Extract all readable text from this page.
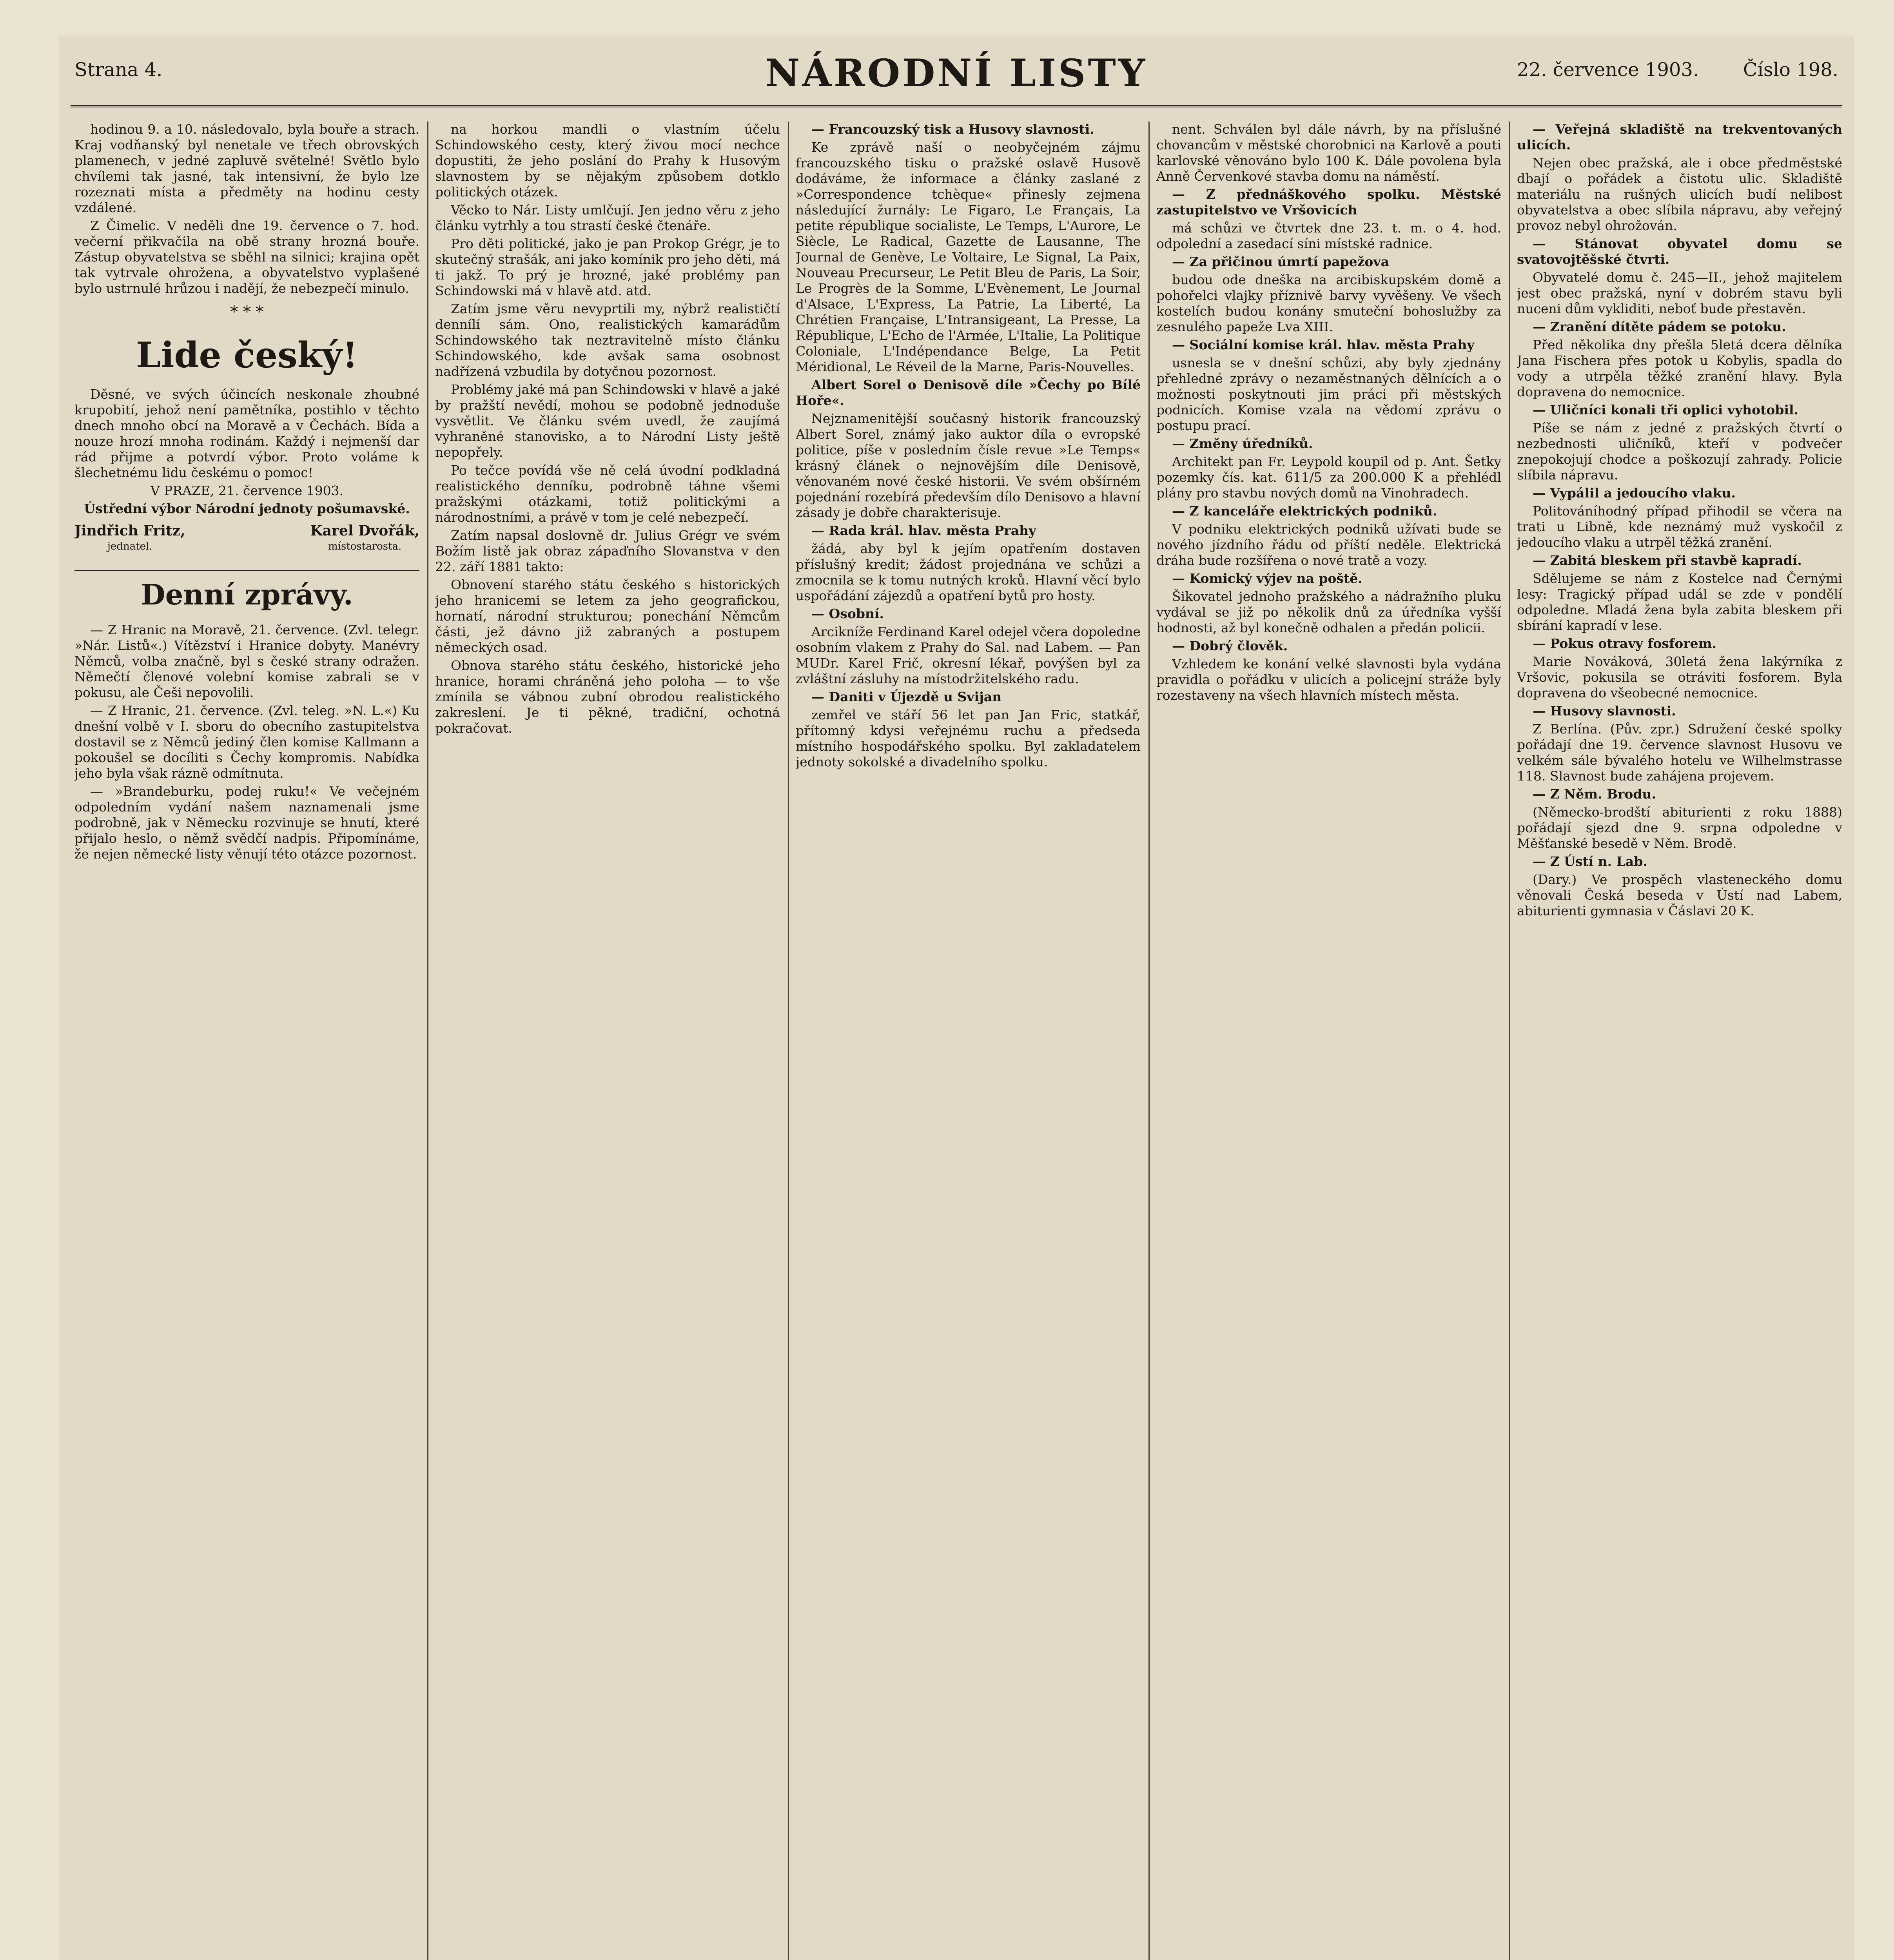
Strana 4.	NÁRODNÍ LISTY	22. července 1903. Číslo 198.

hodinou 9. a 10. následovalo, byla bouře a strach. Kraj vodňanský byl nenetale ve třech obrovských plamenech, v jedné zapluvě světelné! Světlo bylo chvílemi tak jasné, tak intensivní, že bylo lze rozeznati místa a předměty na hodinu cesty vzdálené.

Z Čimelic. V neděli dne 19. července o 7. hod. večerní přikvačila na obě strany hrozná bouře. Zástup obyvatelstva se sběhl na silnici; krajina opět tak vytrvale ohrožena, a obyvatelstvo vyplašené bylo ustrnulé hrůzou i nadějí, že nebezpečí minulo.

* * *
Lide český!

Děsné, ve svých účincích neskonale zhoubné krupobití, jehož není pamětníka, postihlo v těchto dnech mnoho obcí na Moravě a v Čechách. Bída a nouze hrozí mnoha rodinám. Každý i nejmenší dar rád přijme a potvrdí výbor. Proto voláme k šlechetnému lidu českému o pomoc!

V PRAZE, 21. července 1903.

Ústřední výbor Národní jednoty pošumavské.

Jindřich Fritz,
jednatel.
Karel Dvořák,
místostarosta.
Denní zprávy.

— Z Hranic na Moravě, 21. července. (Zvl. telegr. »Nár. Listů«.) Vítězství i Hranice dobyty. Manévry Němců, volba značně, byl s české strany odražen. Němečtí členové volební komise zabrali se v pokusu, ale Češi nepovolili.

— Z Hranic, 21. července. (Zvl. teleg. »N. L.«) Ku dnešní volbě v I. sboru do obecního zastupitelstva dostavil se z Němců jediný člen komise Kallmann a pokoušel se docíliti s Čechy kompromis. Nabídka jeho byla však rázně odmítnuta.

— »Brandeburku, podej ruku!« Ve večejném odpoledním vydání našem naznamenali jsme podrobně, jak v Německu rozvinuje se hnutí, které přijalo heslo, o němž svědčí nadpis. Připomínáme, že nejen německé listy věnují této otázce pozornost.

na horkou mandli o vlastním účelu Schindowského cesty, který živou mocí nechce dopustiti, že jeho poslání do Prahy k Husovým slavnostem by se nějakým způsobem dotklo politických otázek.

Věcko to Nár. Listy umlčují. Jen jedno věru z jeho článku vytrhly a tou strastí české čtenáře.

Pro děti politické, jako je pan Prokop Grégr, je to skutečný strašák, ani jako komínik pro jeho děti, má ti jakž. To prý je hrozné, jaké problémy pan Schindowski má v hlavě atd. atd.

Zatím jsme věru nevyprtili my, nýbrž realističtí dennílí sám. Ono, realistických kamarádům Schindowského tak neztravitelně místo článku Schindowského, kde avšak sama osobnost nadřízená vzbudila by dotyčnou pozornost.

Problémy jaké má pan Schindowski v hlavě a jaké by pražští nevědí, mohou se podobně jednoduše vysvětlit. Ve článku svém uvedl, že zaujímá vyhraněné stanovisko, a to Národní Listy ještě nepopřely.

Po tečce povídá vše ně celá úvodní podkladná realistického denníku, podrobně táhne všemi pražskými otázkami, totiž politickými a národnostními, a právě v tom je celé nebezpečí.

Zatím napsal doslovně dr. Julius Grégr ve svém Božím listě jak obraz zápaďního Slovanstva v den 22. září 1881 takto:

Obnovení starého státu českého s historických jeho hranicemi se letem za jeho geografickou, hornatí, národní strukturou; ponechání Němcům části, jež dávno již zabraných a postupem německých osad.

Obnova starého státu českého, historické jeho hranice, horami chráněná jeho poloha — to vše zmínila se vábnou zubní obrodou realistického zakreslení. Je ti pěkné, tradiční, ochotná pokračovat.

— Francouzský tisk a Husovy slavnosti.

Ke zprávě naší o neobyčejném zájmu francouzského tisku o pražské oslavě Husově dodáváme, že informace a články zaslané z »Correspondence tchèque« přinesly zejmena následující žurnály: Le Figaro, Le Français, La petite république socialiste, Le Temps, L'Aurore, Le Siècle, Le Radical, Gazette de Lausanne, The Journal de Genève, Le Voltaire, Le Signal, La Paix, Nouveau Precurseur, Le Petit Bleu de Paris, La Soir, Le Progrès de la Somme, L'Evènement, Le Journal d'Alsace, L'Express, La Patrie, La Liberté, La Chrétien Française, L'Intransigeant, La Presse, La République, L'Echo de l'Armée, L'Italie, La Politique Coloniale, L'Indépendance Belge, La Petit Méridional, Le Réveil de la Marne, Paris-Nouvelles.

Albert Sorel o Denisově díle »Čechy po Bílé Hoře«.

Nejznamenitější současný historik francouzský Albert Sorel, známý jako auktor díla o evropské politice, píše v posledním čísle revue »Le Temps« krásný článek o nejnovějším díle Denisově, věnovaném nové české historii. Ve svém obšírném pojednání rozebírá především dílo Denisovo a hlavní zásady je dobře charakterisuje.

— Rada král. hlav. města Prahy

žádá, aby byl k jejím opatřením dostaven příslušný kredit; žádost projednána ve schůzi a zmocnila se k tomu nutných kroků. Hlavní věcí bylo uspořádání zájezdů a opatření bytů pro hosty.

— Osobní.

Arcikníže Ferdinand Karel odejel včera dopoledne osobním vlakem z Prahy do Sal. nad Labem. — Pan MUDr. Karel Frič, okresní lékař, povýšen byl za zvláštní zásluhy na místodržitelského radu.

— Daniti v Újezdě u Svijan

zemřel ve stáří 56 let pan Jan Fric, statkář, přítomný kdysi veřejnému ruchu a předseda místního hospodářského spolku. Byl zakladatelem jednoty sokolské a divadelního spolku.

nent. Schválen byl dále návrh, by na příslušné chovancům v městské chorobnici na Karlově a pouti karlovské věnováno bylo 100 K. Dále povolena byla Anně Červenkové stavba domu na náměstí.

— Z přednáškového spolku. Městské zastupitelstvo ve Vršovicích

má schůzi ve čtvrtek dne 23. t. m. o 4. hod. odpolední a zasedací síni místské radnice.

— Za přičinou úmrtí papežova

budou ode dneška na arcibiskupském domě a pohořelci vlajky příznivě barvy vyvěšeny. Ve všech kostelích budou konány smuteční bohoslužby za zesnulého papeže Lva XIII.

— Sociální komise král. hlav. města Prahy

usnesla se v dnešní schůzi, aby byly zjednány přehledné zprávy o nezaměstnaných dělnících a o možnosti poskytnouti jim práci při městských podnicích. Komise vzala na vědomí zprávu o postupu prací.

— Změny úředníků.

Architekt pan Fr. Leypold koupil od p. Ant. Šetky pozemky čís. kat. 611/5 za 200.000 K a přehlédl plány pro stavbu nových domů na Vinohradech.

— Z kanceláře elektrických podniků.

V podniku elektrických podniků užívati bude se nového jízdního řádu od příští neděle. Elektrická dráha bude rozšířena o nové tratě a vozy.

— Komický výjev na poště.

Šikovatel jednoho pražského a nádražního pluku vydával se již po několik dnů za úředníka vyšší hodnosti, až byl konečně odhalen a předán policii.

— Dobrý člověk.

Vzhledem ke konání velké slavnosti byla vydána pravidla o pořádku v ulicích a policejní stráže byly rozestaveny na všech hlavních místech města.

— Veřejná skladiště na trekventovaných ulicích.

Nejen obec pražská, ale i obce předměstské dbají o pořádek a čistotu ulic. Skladiště materiálu na rušných ulicích budí nelibost obyvatelstva a obec slíbila nápravu, aby veřejný provoz nebyl ohrožován.

— Stánovat obyvatel domu se svatovojtěšské čtvrti.

Obyvatelé domu č. 245—II., jehož majitelem jest obec pražská, nyní v dobrém stavu byli nuceni dům vykliditi, neboť bude přestavěn.

— Zranění dítěte pádem se potoku.

Před několika dny přešla 5letá dcera dělníka Jana Fischera přes potok u Kobylis, spadla do vody a utrpěla těžké zranění hlavy. Byla dopravena do nemocnice.

— Uličníci konali tři oplici vyhotobil.

Píše se nám z jedné z pražských čtvrtí o nezbednosti uličníků, kteří v podvečer znepokojují chodce a poškozují zahrady. Policie slíbila nápravu.

— Vypálil a jedoucího vlaku.

Politováníhodný případ přihodil se včera na trati u Libně, kde neznámý muž vyskočil z jedoucího vlaku a utrpěl těžká zranění.

— Zabitá bleskem při stavbě kapradí.

Sdělujeme se nám z Kostelce nad Černými lesy: Tragický případ udál se zde v pondělí odpoledne. Mladá žena byla zabita bleskem při sbírání kapradí v lese.

— Pokus otravy fosforem.

Marie Nováková, 30letá žena lakýrníka z Vršovic, pokusila se otráviti fosforem. Byla dopravena do všeobecné nemocnice.

— Husovy slavnosti.

Z Berlína. (Pův. zpr.) Sdružení české spolky pořádají dne 19. července slavnost Husovu ve velkém sále bývalého hotelu ve Wilhelmstrasse 118. Slavnost bude zahájena projevem.

— Z Něm. Brodu.

(Německo-brodští abiturienti z roku 1888) pořádají sjezd dne 9. srpna odpoledne v Měšťanské besedě v Něm. Brodě.

— Z Ústí n. Lab.

(Dary.) Ve prospěch vlasteneckého domu věnovali Česká beseda v Ústí nad Labem, abiturienti gymnasia v Čáslavi 20 K.
